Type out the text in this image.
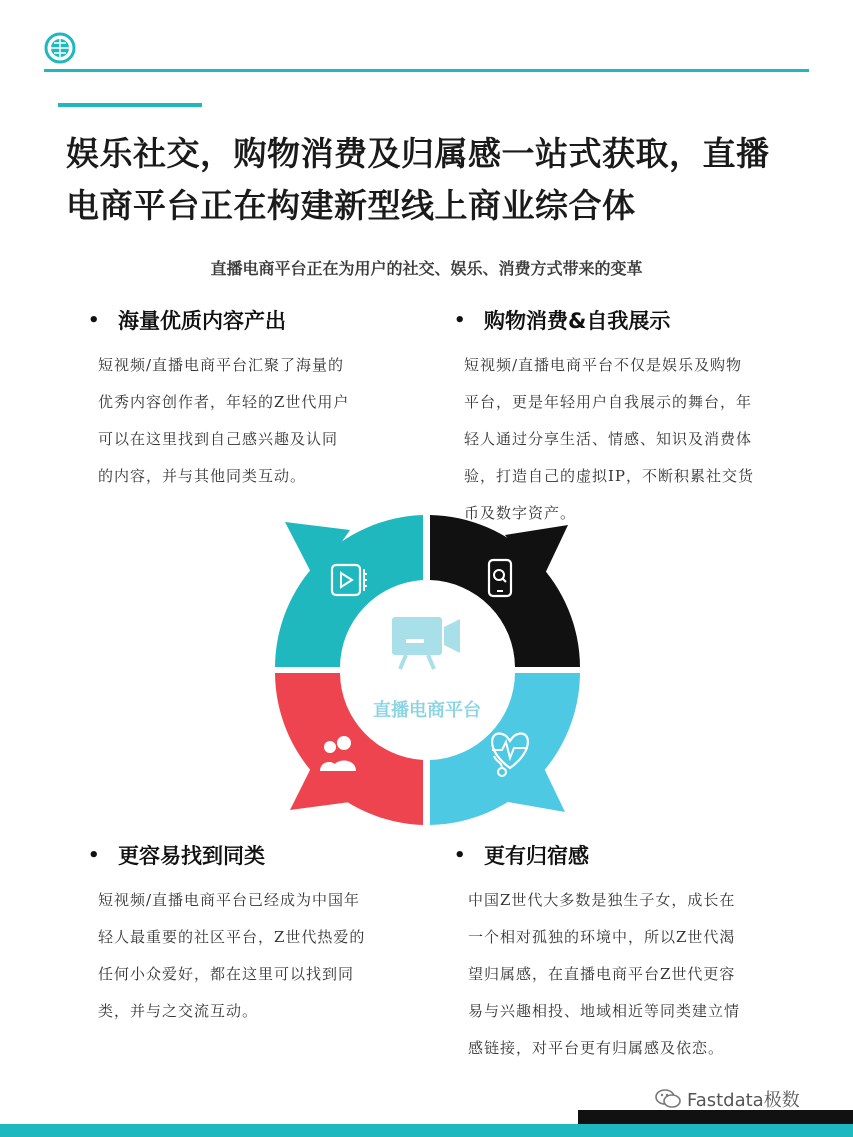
娱乐社交，购物消费及归属感一站式获取，直播
电商平台正在构建新型线上商业综合体
直播电商平台正在为用户的社交、娱乐、消费方式带来的变革
• 海量优质内容产出

短视频/直播电商平台汇聚了海量的
优秀内容创作者，年轻的Z世代用户
可以在这里找到自己感兴趣及认同
的内容，并与其他同类互动。

• 购物消费&自我展示

短视频/直播电商平台不仅是娱乐及购物
平台，更是年轻用户自我展示的舞台，年
轻人通过分享生活、情感、知识及消费体
验，打造自己的虚拟IP，不断积累社交货
币及数字资产。

直播电商平台
• 更容易找到同类

短视频/直播电商平台已经成为中国年
轻人最重要的社区平台，Z世代热爱的
任何小众爱好，都在这里可以找到同
类，并与之交流互动。

• 更有归宿感

中国Z世代大多数是独生子女，成长在
一个相对孤独的环境中，所以Z世代渴
望归属感，在直播电商平台Z世代更容
易与兴趣相投、地域相近等同类建立情
感链接，对平台更有归属感及依恋。

Fastdata极数
